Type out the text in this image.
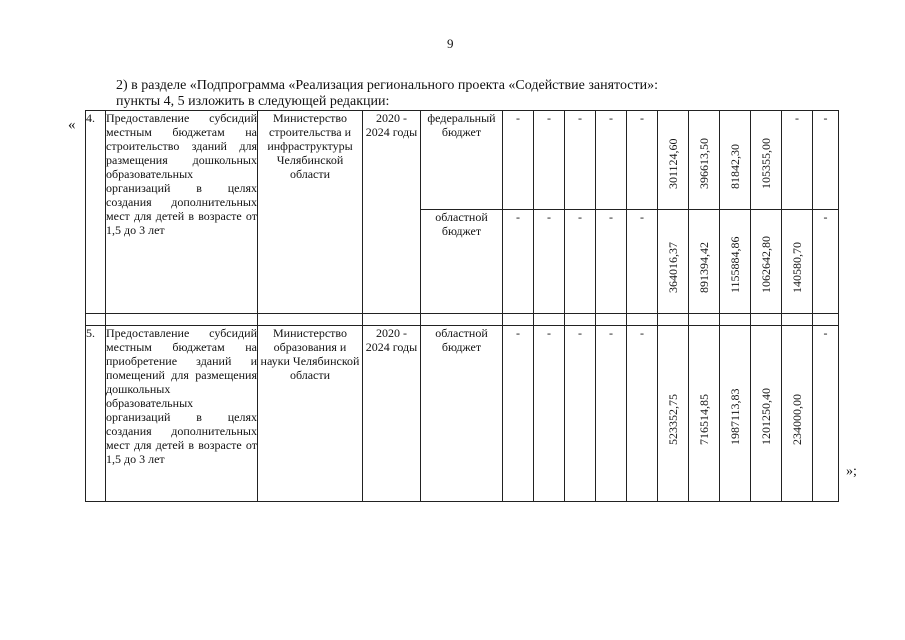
9
2) в разделе «Подпрограмма «Реализация регионального проекта «Содействие занятости»:
пункты 4, 5 изложить в следующей редакции:
«
»;
4.	Предоставление субсидий местным бюджетам на строительство зданий для размещения дошкольных образовательных организаций в целях создания дополнительных мест для детей в возрасте от 1,5 до 3 лет	Министерство строительства и инфраструктуры Челябинской области	2020 - 2024 годы	федеральный бюджет	-	-	-	-	-	301124,60	396613,50	81842,30	105355,00	-	-
				областной бюджет	-	-	-	-	-	364016,37	891394,42	1155884,86	1062642,80	140580,70	-

5.	Предоставление субсидий местным бюджетам на приобретение зданий и помещений для размещения дошкольных образовательных организаций в целях создания дополнительных мест для детей в возрасте от 1,5 до 3 лет	Министерство образования и науки Челябинской области	2020 - 2024 годы	областной бюджет	-	-	-	-	-	523352,75	716514,85	1987113,83	1201250,40	234000,00	-
